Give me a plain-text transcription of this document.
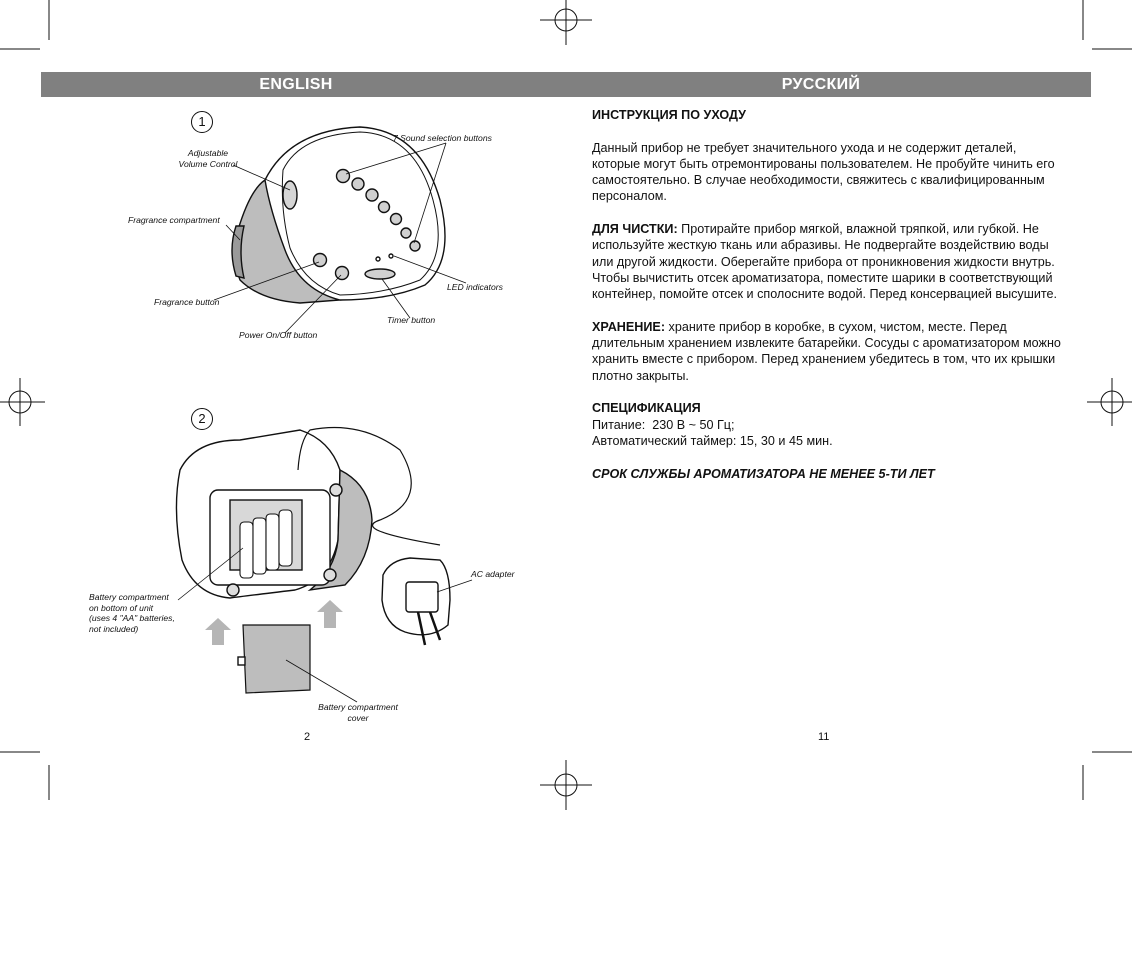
ENGLISH	РУССКИЙ
1
7 Sound selection buttons
Adjustable
Volume Control
Fragrance compartment
LED indicators
Fragrance button
Timer button
Power On/Off button
2
AC adapter
Battery compartment
on bottom of unit
(uses 4 "AA" batteries,
not included)
Battery compartment
cover
2	11

ИНСТРУКЦИЯ ПО УХОДУ

Данный прибор не требует значительного ухода и не содержит деталей, которые могут быть отремонтированы пользователем. Не пробуйте чинить его самостоятельно. В случае необходимости, свяжитесь с квалифицированным персоналом.

ДЛЯ ЧИСТКИ: Протирайте прибор мягкой, влажной тряпкой, или губкой. Не используйте жесткую ткань или абразивы. Не подвергайте воздействию воды или другой жидкости. Оберегайте прибора от проникновения жидкости внутрь. Чтобы вычистить отсек ароматизатора, поместите шарики в соответствующий контейнер, помойте отсек и сполосните водой. Перед консервацией высушите.

ХРАНЕНИЕ: храните прибор в коробке, в сухом, чистом, месте. Перед длительным хранением извлеките батарейки. Сосуды с ароматизатором можно хранить вместе с прибором. Перед хранением убедитесь в том, что их крышки плотно закрыты.

СПЕЦИФИКАЦИЯ
Питание:  230 В ~ 50 Гц;
Автоматический таймер: 15, 30 и 45 мин.

СРОК СЛУЖБЫ АРОМАТИЗАТОРА НЕ МЕНЕЕ 5-ТИ ЛЕТ
